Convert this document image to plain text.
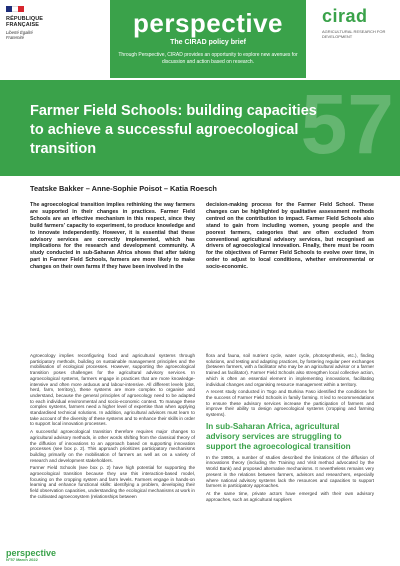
RÉPUBLIQUE FRANÇAISE
Liberté Égalité Fraternité	perspective
The CIRAD policy brief
Through Perspective, CIRAD provides an opportunity to explore new avenues for discussion and action based on research.
cirad
AGRICULTURAL RESEARCH FOR DEVELOPMENT
57
Farmer Field Schools: building capacities to achieve a successful agroecological transition
Teatske Bakker – Anne-Sophie Poisot – Katia Roesch
The agroecological transition implies rethinking the way farmers are supported in their changes in practices. Farmer Field Schools are an effective mechanism in this respect, since they build farmers' capacity to experiment, to produce knowledge and to innovate independently. However, it is essential that these advisory services are correctly implemented, which has implications for the research and development community. A study conducted in sub-Saharan Africa shows that after taking part in Farmer Field Schools, farmers are more likely to make changes on their own farms if they have been involved in the
decision-making process for the Farmer Field School. These changes can be highlighted by qualitative assessment methods centred on the contribution to impact. Farmer Field Schools also stand to gain from including women, young people and the poorest farmers, categories that are often excluded from conventional agricultural advisory services, but recognised as drivers of agroecological innovation. Finally, there must be room for the objectives of Farmer Field Schools to evolve over time, in order to adjust to local conditions, whether environmental or socio-economic.

Agroecology implies reconfiguring food and agricultural systems through participatory methods, building on sustainable management principles and the mobilisation of ecological processes. However, supporting the agroecological transition poses challenges for the agricultural advisory services. In agroecological systems, farmers engage in practices that are more knowledge-intensive and often more arduous and labour-intensive. All different levels (plot, herd, farm, territory), these systems are more complex to organise and understand, because the general principles of agroecology need to be adapted to each individual environmental and socio-economic context. To manage these complex systems, farmers need a higher level of expertise than when applying standardised technical solutions. In addition, agricultural advisors must learn to take account of the diversity of these systems and to enhance their skills in order to support local innovation processes.

A successful agroecological transition therefore requires major changes to agricultural advisory methods, in other words shifting from the classical theory of the diffusion of innovations to an approach based on supporting innovation processes (see box p. 2). This approach prioritizes participatory mechanisms building primarily on the mobilisation of farmers as well as on a variety of research and development stakeholders.

Farmer Field Schools (see box p. 2) have high potential for supporting the agroecological transition because they use this interaction-based model, focusing on the cropping system and farm levels. Farmers engage in hands-on learning and enhance functional skills: identifying a problem, developing their field observation capacities, understanding the ecological mechanisms at work in the cultivated agroecosystem (relationships between

flora and fauna, soil nutrient cycle, water cycle, photosynthesis, etc.), finding solutions, and testing and adapting practices, by fostering regular peer exchanges (between farmers, with a facilitator who may be an agricultural advisor or a farmer trained as facilitator). Farmer Field Schools also strengthen local collective action, which is often an essential element in implementing innovations, facilitating individual changes and organising resource management within a territory.

A recent study conducted in Togo and Burkina Faso identified the conditions for the success of Farmer Field Schools in family farming. It led to recommendations to ensure these advisory services increase the participation of farmers and improve their ability to design agroecological systems (cropping and farming systems).

In sub-Saharan Africa, agricultural advisory services are struggling to support the agroecological transition

In the 1980s, a number of studies described the limitations of the diffusion of innovations theory (including the Training and Visit method advocated by the World Bank) and proposed alternative mechanisms. It nevertheless remains very present in the relations between farmers, advisors and researchers, especially where national advisory systems lack the resources and capacities to support farmers in participatory approaches.

At the same time, private actors have emerged with their own advisory approaches, such as agricultural suppliers

perspective
N°57 March 2022
